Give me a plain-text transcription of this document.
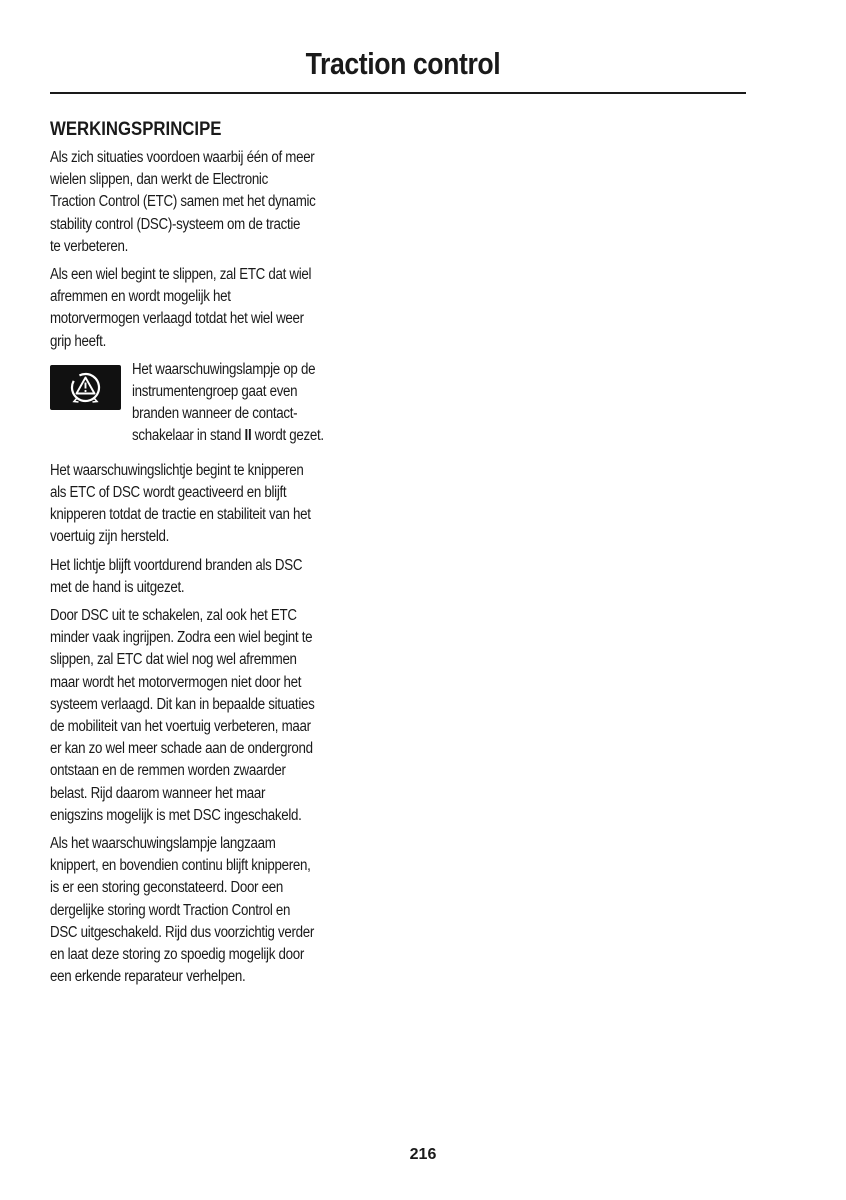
Traction control
WERKINGSPRINCIPE

Als zich situaties voordoen waarbij één of meer
wielen slippen, dan werkt de Electronic
Traction Control (ETC) samen met het dynamic
stability control (DSC)-systeem om de tractie
te verbeteren.

Als een wiel begint te slippen, zal ETC dat wiel
afremmen en wordt mogelijk het
motorvermogen verlaagd totdat het wiel weer
grip heeft.

Het waarschuwingslampje op de
instrumentengroep gaat even
branden wanneer de contact-
schakelaar in stand II wordt gezet.

Het waarschuwingslichtje begint te knipperen
als ETC of DSC wordt geactiveerd en blijft
knipperen totdat de tractie en stabiliteit van het
voertuig zijn hersteld.

Het lichtje blijft voortdurend branden als DSC
met de hand is uitgezet.

Door DSC uit te schakelen, zal ook het ETC
minder vaak ingrijpen. Zodra een wiel begint te
slippen, zal ETC dat wiel nog wel afremmen
maar wordt het motorvermogen niet door het
systeem verlaagd. Dit kan in bepaalde situaties
de mobiliteit van het voertuig verbeteren, maar
er kan zo wel meer schade aan de ondergrond
ontstaan en de remmen worden zwaarder
belast. Rijd daarom wanneer het maar
enigszins mogelijk is met DSC ingeschakeld.

Als het waarschuwingslampje langzaam
knippert, en bovendien continu blijft knipperen,
is er een storing geconstateerd. Door een
dergelijke storing wordt Traction Control en
DSC uitgeschakeld. Rijd dus voorzichtig verder
en laat deze storing zo spoedig mogelijk door
een erkende reparateur verhelpen.

216
